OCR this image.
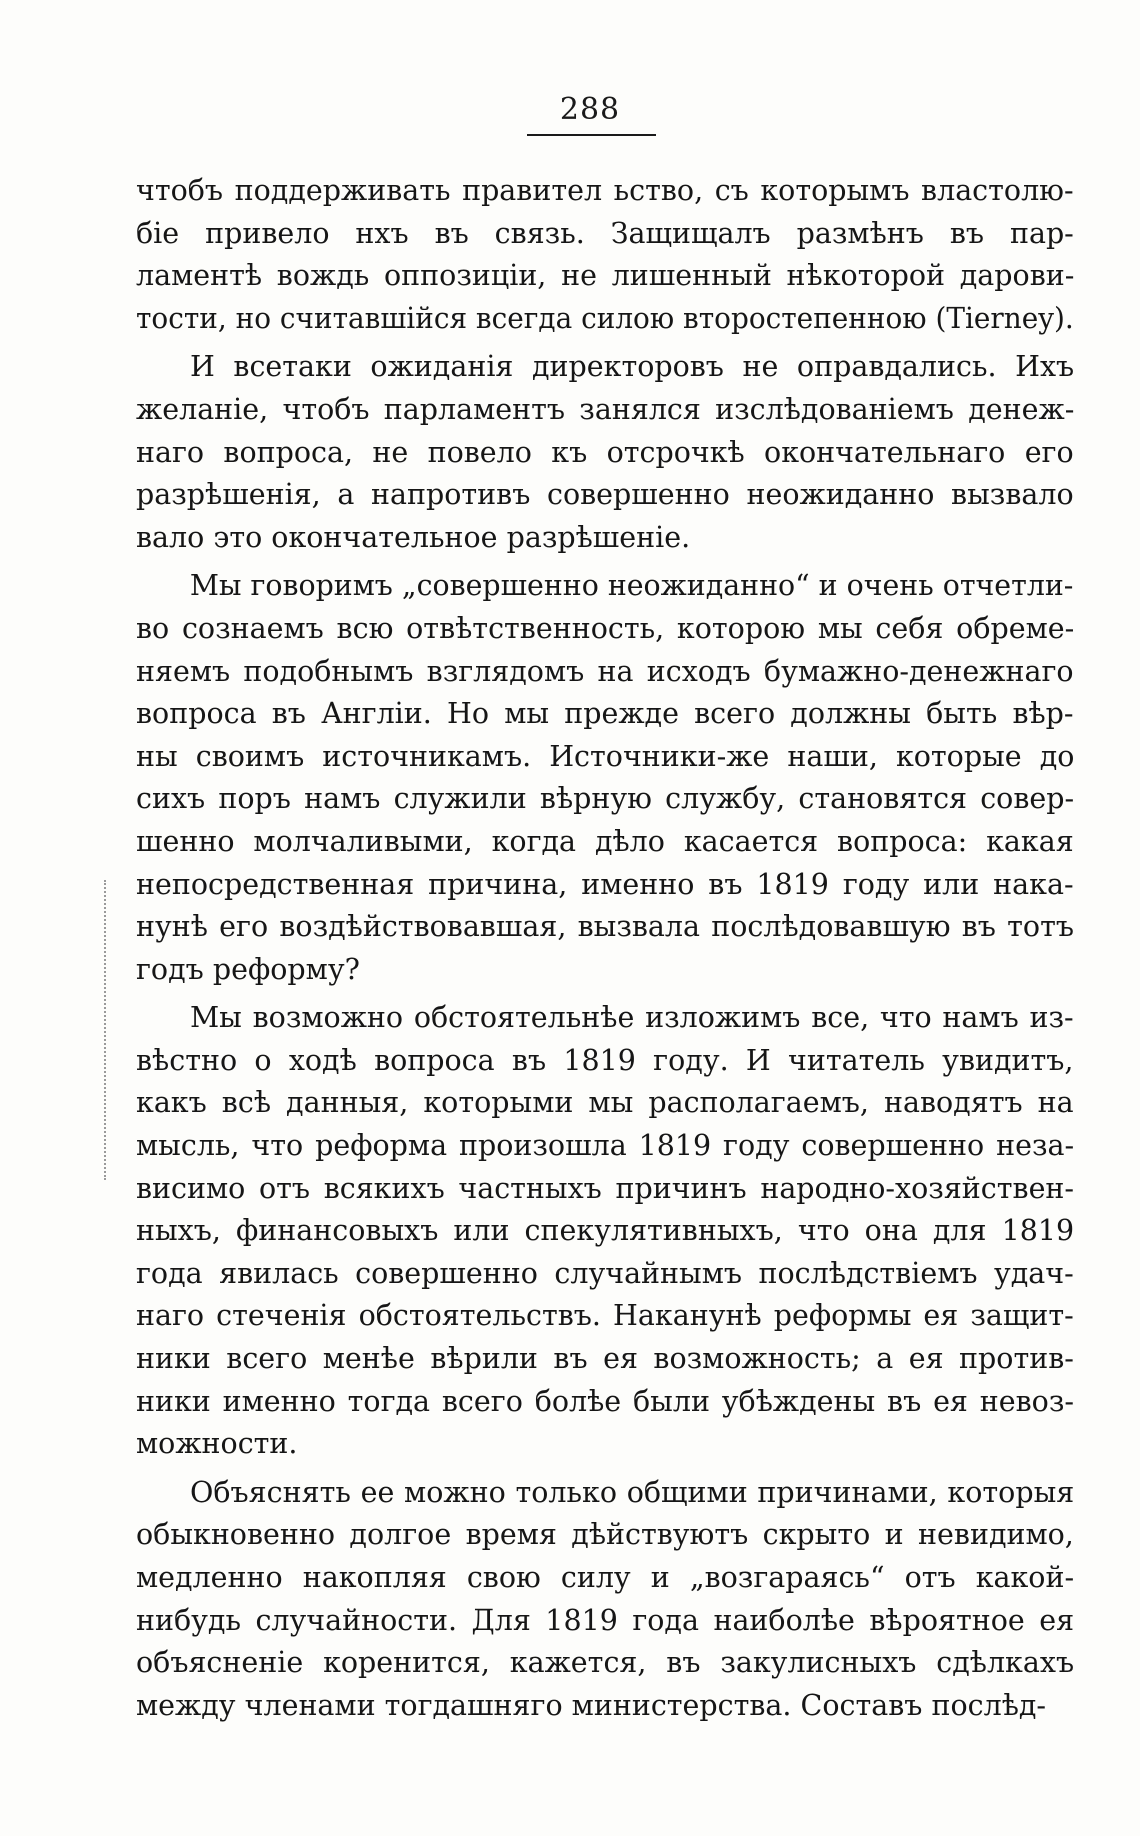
288
чтобъ поддерживать правител ьство, съ которымъ властолю-
біе привело нхъ въ связь. Защищалъ размѣнъ въ пар-
ламентѣ вождь оппозиціи, не лишенный нѣкоторой дарови-
тости, но считавшійся всегда силою второстепенною (Tierney).
И всетаки ожиданія директоровъ не оправдались. Ихъ
желаніе, чтобъ парламентъ занялся изслѣдованіемъ денеж-
наго вопроса, не повело къ отсрочкѣ окончательнаго его
разрѣшенія, а напротивъ совершенно неожиданно вызвало
вало это окончательное разрѣшеніе.
Мы говоримъ „совершенно неожиданно“ и очень отчетли-
во сознаемъ всю отвѣтственность, которою мы себя обреме-
няемъ подобнымъ взглядомъ на исходъ бумажно-денежнаго
вопроса въ Англіи. Но мы прежде всего должны быть вѣр-
ны своимъ источникамъ. Источники-же наши, которые до
сихъ поръ намъ служили вѣрную службу, становятся совер-
шенно молчаливыми, когда дѣло касается вопроса: какая
непосредственная причина, именно въ 1819 году или нака-
нунѣ его воздѣйствовавшая, вызвала послѣдовавшую въ тотъ
годъ реформу?
Мы возможно обстоятельнѣе изложимъ все, что намъ из-
вѣстно о ходѣ вопроса въ 1819 году. И читатель увидитъ,
какъ всѣ данныя, которыми мы располагаемъ, наводятъ на
мысль, что реформа произошла 1819 году совершенно неза-
висимо отъ всякихъ частныхъ причинъ народно-хозяйствен-
ныхъ, финансовыхъ или спекулятивныхъ, что она для 1819
года явилась совершенно случайнымъ послѣдствіемъ удач-
наго стеченія обстоятельствъ. Наканунѣ реформы ея защит-
ники всего менѣе вѣрили въ ея возможность; а ея против-
ники именно тогда всего болѣе были убѣждены въ ея невоз-
можности.
Объяснять ее можно только общими причинами, которыя
обыкновенно долгое время дѣйствуютъ скрыто и невидимо,
медленно накопляя свою силу и „возгараясь“ отъ какой-
нибудь случайности. Для 1819 года наиболѣе вѣроятное ея
объясненіе коренится, кажется, въ закулисныхъ сдѣлкахъ
между членами тогдашняго министерства. Составъ послѣд-
